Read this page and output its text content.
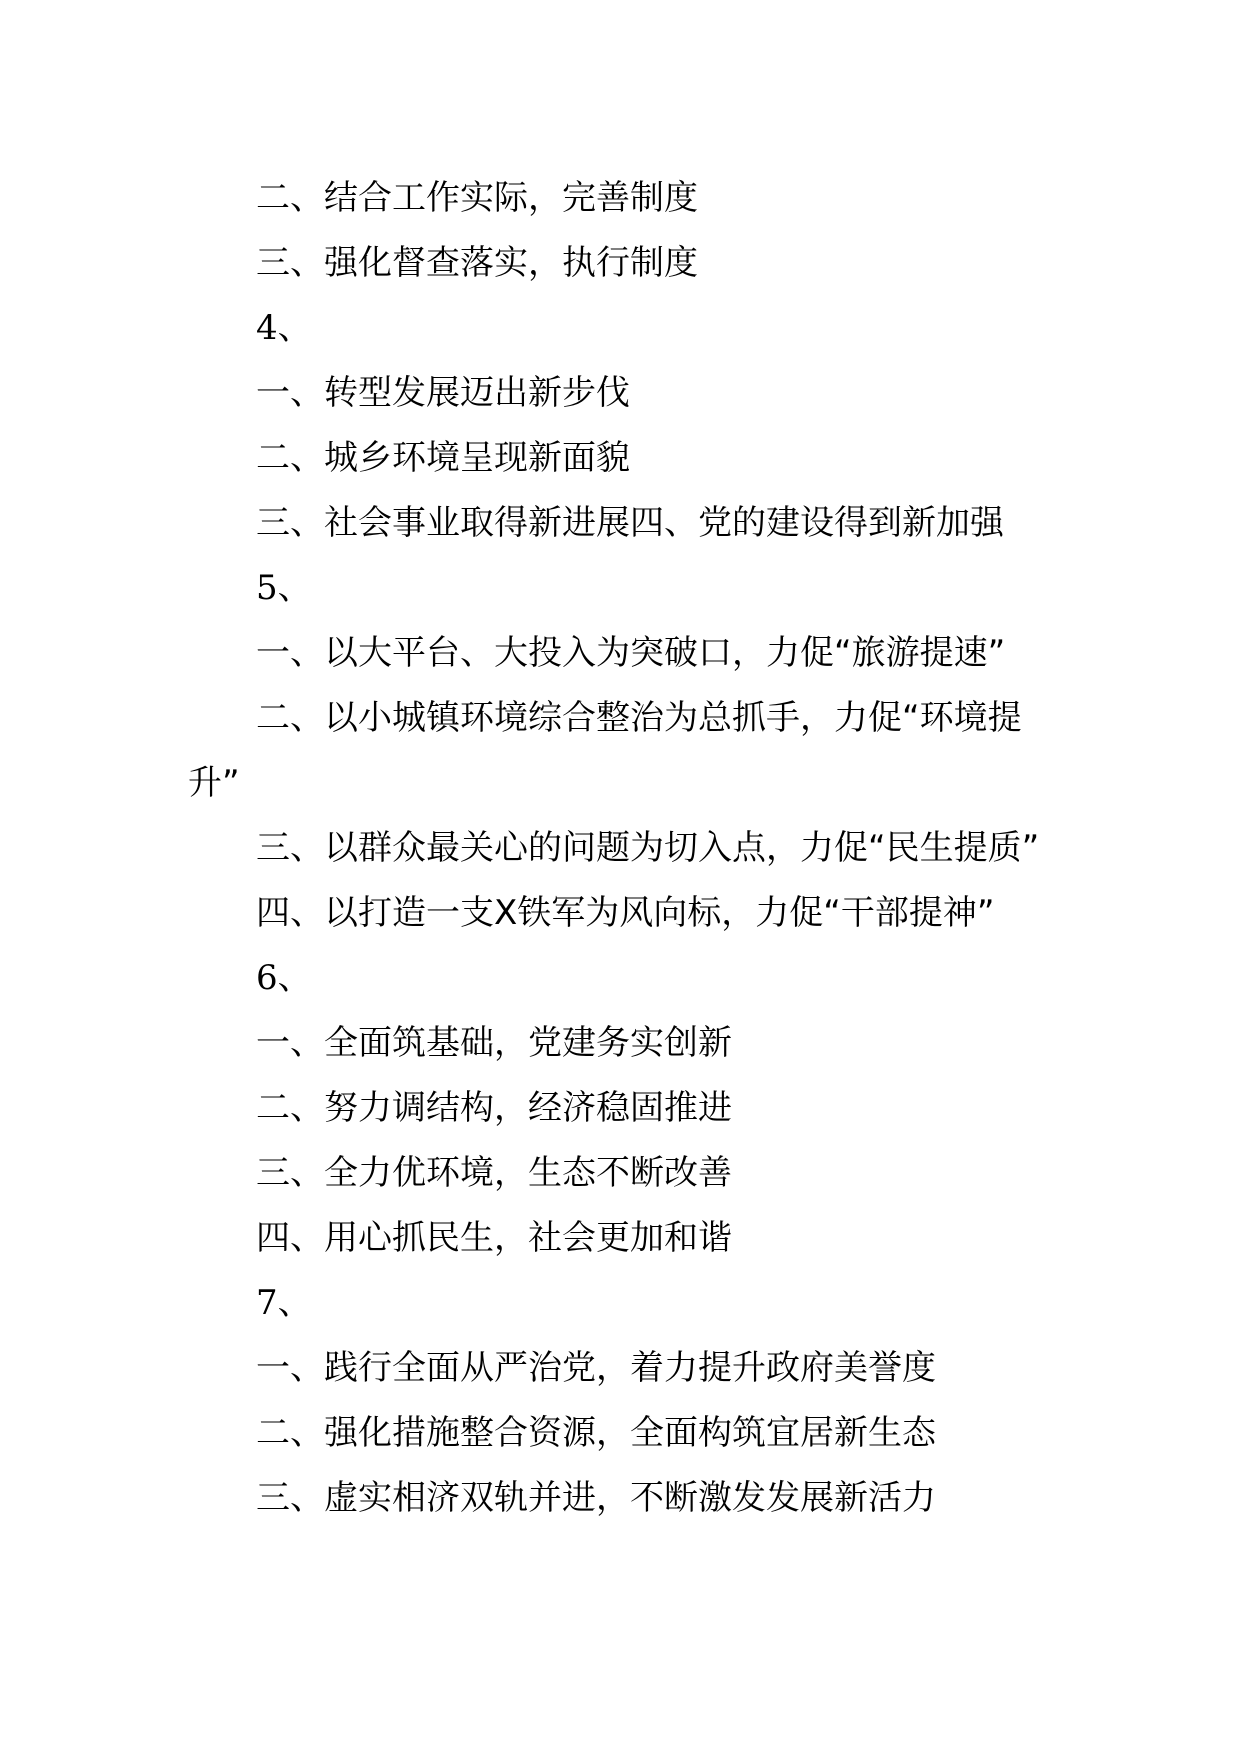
二、结合工作实际，完善制度

三、强化督查落实，执行制度

4、

一、转型发展迈出新步伐

二、城乡环境呈现新面貌

三、社会事业取得新进展四、党的建设得到新加强

5、

一、以大平台、大投入为突破口，力促“旅游提速”

二、以小城镇环境综合整治为总抓手，力促“环境提升”

三、以群众最关心的问题为切入点，力促“民生提质”

四、以打造一支X铁军为风向标，力促“干部提神”

6、

一、全面筑基础，党建务实创新

二、努力调结构，经济稳固推进

三、全力优环境，生态不断改善

四、用心抓民生，社会更加和谐

7、

一、践行全面从严治党，着力提升政府美誉度

二、强化措施整合资源，全面构筑宜居新生态

三、虚实相济双轨并进，不断激发发展新活力
